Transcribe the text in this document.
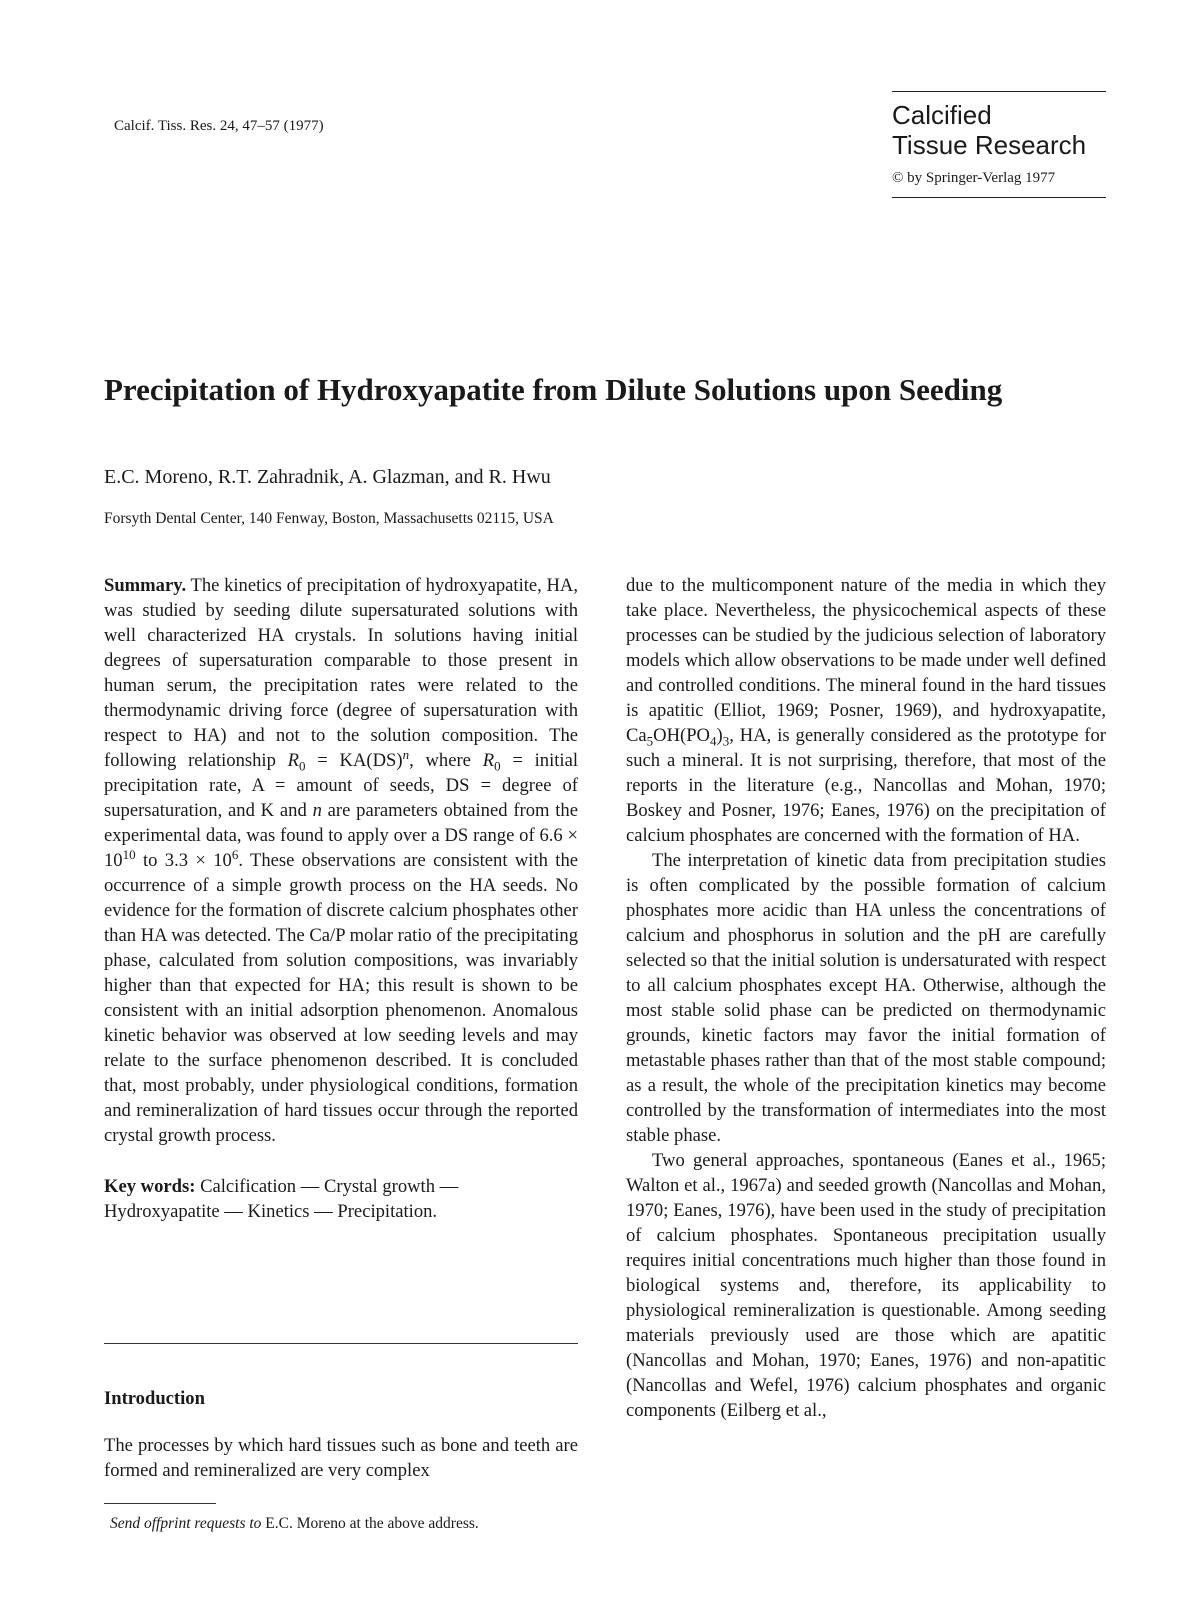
Calcif. Tiss. Res. 24, 47–57 (1977)	Calcified
Tissue Research
© by Springer-Verlag 1977
Precipitation of Hydroxyapatite from Dilute Solutions upon Seeding
E.C. Moreno, R.T. Zahradnik, A. Glazman, and R. Hwu
Forsyth Dental Center, 140 Fenway, Boston, Massachusetts 02115, USA

Summary. The kinetics of precipitation of hydroxyapatite, HA, was studied by seeding dilute supersaturated solutions with well characterized HA crystals. In solutions having initial degrees of supersaturation comparable to those present in human serum, the precipitation rates were related to the thermodynamic driving force (degree of supersaturation with respect to HA) and not to the solution composition. The following relationship $R_0 = KA(DS)^n$, where $R_0$ = initial precipitation rate, A = amount of seeds, DS = degree of supersaturation, and K and n are parameters obtained from the experimental data, was found to apply over a DS range of $6.6 \times 10^{10}$ to $3.3 \times 10^6$. These observations are consistent with the occurrence of a simple growth process on the HA seeds. No evidence for the formation of discrete calcium phosphates other than HA was detected. The Ca/P molar ratio of the precipitating phase, calculated from solution compositions, was invariably higher than that expected for HA; this result is shown to be consistent with an initial adsorption phenomenon. Anomalous kinetic behavior was observed at low seeding levels and may relate to the surface phenomenon described. It is concluded that, most probably, under physiological conditions, formation and remineralization of hard tissues occur through the reported crystal growth process.

Key words: Calcification — Crystal growth — Hydroxyapatite — Kinetics — Precipitation.

Introduction
The processes by which hard tissues such as bone and teeth are formed and remineralized are very complex
Send offprint requests to E.C. Moreno at the above address.

due to the multicomponent nature of the media in which they take place. Nevertheless, the physicochemical aspects of these processes can be studied by the judicious selection of laboratory models which allow observations to be made under well defined and controlled conditions. The mineral found in the hard tissues is apatitic (Elliot, 1969; Posner, 1969), and hydroxyapatite, $Ca_5OH(PO_4)_3$, HA, is generally considered as the prototype for such a mineral. It is not surprising, therefore, that most of the reports in the literature (e.g., Nancollas and Mohan, 1970; Boskey and Posner, 1976; Eanes, 1976) on the precipitation of calcium phosphates are concerned with the formation of HA.

The interpretation of kinetic data from precipitation studies is often complicated by the possible formation of calcium phosphates more acidic than HA unless the concentrations of calcium and phosphorus in solution and the pH are carefully selected so that the initial solution is undersaturated with respect to all calcium phosphates except HA. Otherwise, although the most stable solid phase can be predicted on thermodynamic grounds, kinetic factors may favor the initial formation of metastable phases rather than that of the most stable compound; as a result, the whole of the precipitation kinetics may become controlled by the transformation of intermediates into the most stable phase.

Two general approaches, spontaneous (Eanes et al., 1965; Walton et al., 1967a) and seeded growth (Nancollas and Mohan, 1970; Eanes, 1976), have been used in the study of precipitation of calcium phosphates. Spontaneous precipitation usually requires initial concentrations much higher than those found in biological systems and, therefore, its applicability to physiological remineralization is questionable. Among seeding materials previously used are those which are apatitic (Nancollas and Mohan, 1970; Eanes, 1976) and non-apatitic (Nancollas and Wefel, 1976) calcium phosphates and organic components (Eilberg et al.,
